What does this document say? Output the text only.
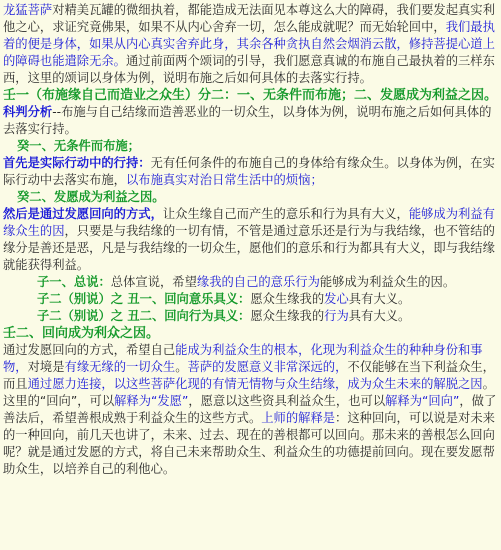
龙猛菩萨对精美瓦罐的微细执着，都能造成无法面见本尊这么大的障碍，我们要发起真实利他之心，求证究竟佛果，如果不从内心舍弃一切，怎么能成就呢？而无始轮回中，我们最执着的便是身体，如果从内心真实舍弃此身，其余各种贪执自然会烟消云散，修持菩提心道上的障碍也能遣除无余。通过前面两个颂词的引导，我们愿意真诚的布施自己最执着的三样东西，这里的颂词以身体为例，说明布施之后如何具体的去落实行持。

壬一（布施缘自己而造业之众生）分二：一、无条件而布施；二、发愿成为利益之因。

科判分析--布施与自己结缘而造善恶业的一切众生，以身体为例，说明布施之后如何具体的去落实行持。

癸一、无条件而布施；

首先是实际行动中的行持：无有任何条件的布施自己的身体给有缘众生。以身体为例，在实际行动中去落实布施，以布施真实对治日常生活中的烦恼；

癸二、发愿成为利益之因。

然后是通过发愿回向的方式，让众生缘自己而产生的意乐和行为具有大义，能够成为利益有缘众生的因，只要是与我结缘的一切有情，不管是通过意乐还是行为与我结缘，也不管结的缘分是善还是恶，凡是与我结缘的一切众生，愿他们的意乐和行为都具有大义，即与我结缘就能获得利益。

子一、总说：总体宣说，希望缘我的自己的意乐行为能够成为利益众生的因。

子二（别说）之 丑一、回向意乐具义：愿众生缘我的发心具有大义。

子二（别说）之 丑二、回向行为具义：愿众生缘我的行为具有大义。

壬二、回向成为利众之因。

通过发愿回向的方式，希望自己能成为利益众生的根本，化现为利益众生的种种身份和事物，对境是有缘无缘的一切众生。菩萨的发愿意义非常深远的，不仅能够在当下利益众生，而且通过愿力连接，以这些菩萨化现的有情无情物与众生结缘，成为众生未来的解脱之因。这里的“回向”，可以解释为“发愿”，愿意以这些资具利益众生，也可以解释为“回向”，做了善法后，希望善根成熟于利益众生的这些方式。上师的解释是：这种回向，可以说是对未来的一种回向，前几天也讲了，未来、过去、现在的善根都可以回向。那未来的善根怎么回向呢？就是通过发愿的方式，将自己未来帮助众生、利益众生的功德提前回向。现在要发愿帮助众生，以培养自己的利他心。
